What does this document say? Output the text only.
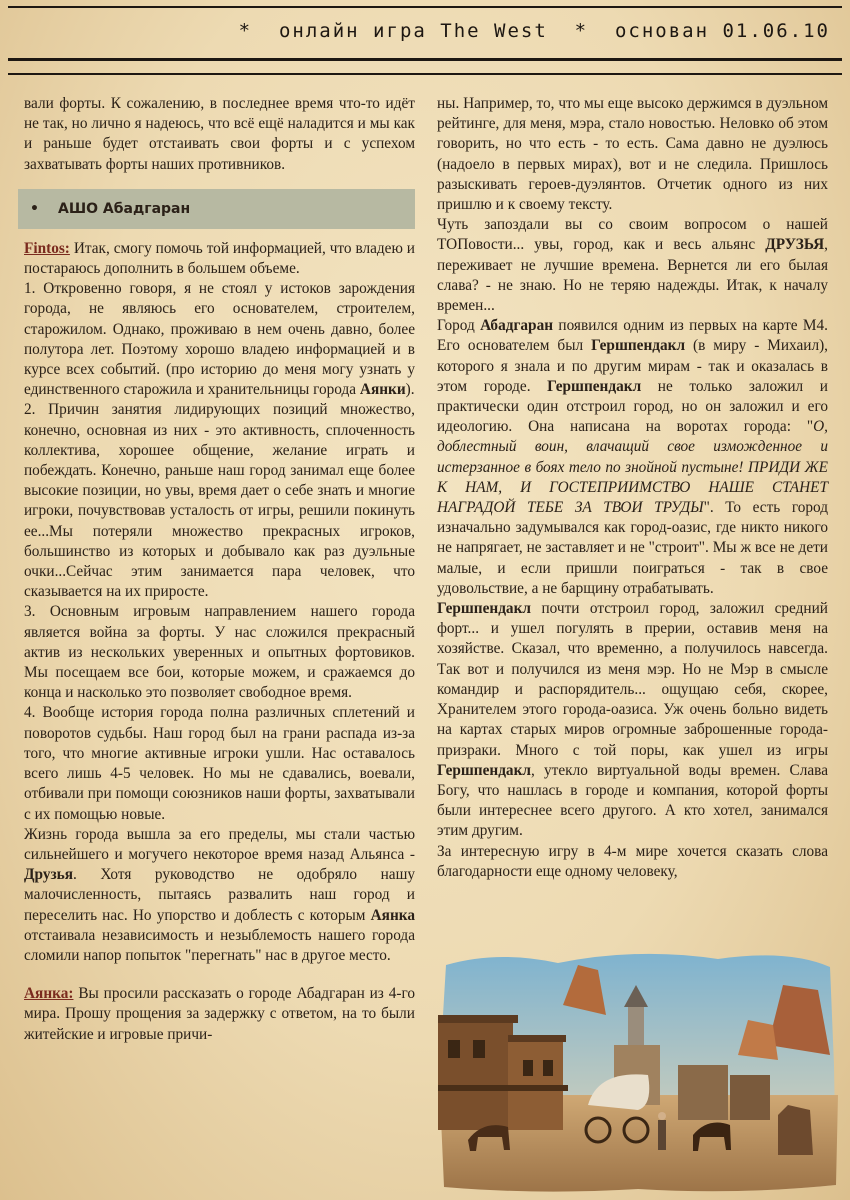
*  онлайн игра The West  *  основан 01.06.10

вали форты. К сожалению, в последнее время что-то идёт не так, но лично я надеюсь, что всё ещё наладится и мы как и раньше будет отстаивать свои форты и с успехом захватывать форты наших противников.

• АШО Абадгаран

Fintos: Итак, смогу помочь той информацией, что владею и постараюсь дополнить в большем объеме.

1. Откровенно говоря, я не стоял у истоков зарождения города, не являюсь его основателем, строителем, старожилом. Однако, проживаю в нем очень давно, более полутора лет. Поэтому хорошо владею информацией и в курсе всех событий. (про историю до меня могу узнать у единственного старожила и хранительницы города Аянки).

2. Причин занятия лидирующих позиций множество, конечно, основная из них - это активность, сплоченность коллектива, хорошее общение, желание играть и побеждать. Конечно, раньше наш город занимал еще более высокие позиции, но увы, время дает о себе знать и многие игроки, почувствовав усталость от игры, решили покинуть ее...Мы потеряли множество прекрасных игроков, большинство из которых и добывало как раз дуэльные очки...Сейчас этим занимается пара человек, что сказывается на их приросте.

3. Основным игровым направлением нашего города является война за форты. У нас сложился прекрасный актив из нескольких уверенных и опытных фортовиков. Мы посещаем все бои, которые можем, и сражаемся до конца и насколько это позволяет свободное время.

4. Вообще история города полна различных сплетений и поворотов судьбы. Наш город был на грани распада из-за того, что многие активные игроки ушли. Нас оставалось всего лишь 4-5 человек. Но мы не сдавались, воевали, отбивали при помощи союзников наши форты, захватывали с их помощью новые.

Жизнь города вышла за его пределы, мы стали частью сильнейшего и могучего некоторое время назад Альянса - Друзья. Хотя руководство не одобряло нашу малочисленность, пытаясь развалить наш город и переселить нас. Но упорство и доблесть с которым Аянка отстаивала независимость и незыблемость нашего города сломили напор попыток "перегнать" нас в другое место.

Аянка: Вы просили рассказать о городе Абадгаран из 4-го мира. Прошу прощения за задержку с ответом, на то были житейские и игровые причи-

ны. Например, то, что мы еще высоко держимся в дуэльном рейтинге, для меня, мэра, стало новостью. Неловко об этом говорить, но что есть - то есть. Сама давно не дуэлюсь (надоело в первых мирах), вот и не следила. Пришлось разыскивать героев-дуэлянтов. Отчетик одного из них пришлю и к своему тексту.

Чуть запоздали вы со своим вопросом о нашей ТОПовости... увы, город, как и весь альянс ДРУЗЬЯ, переживает не лучшие времена. Вернется ли его былая слава? - не знаю. Но не теряю надежды. Итак, к началу времен...

Город Абадгаран появился одним из первых на карте М4. Его основателем был Гершпендакл (в миру - Михаил), которого я знала и по другим мирам - так и оказалась в этом городе. Гершпендакл не только заложил и практически один отстроил город, но он заложил и его идеологию. Она написана на воротах города: "О, доблестный воин, влачащий свое изможденное и истерзанное в боях тело по знойной пустыне! ПРИДИ ЖЕ К НАМ, И ГОСТЕПРИИМСТВО НАШЕ СТАНЕТ НАГРАДОЙ ТЕБЕ ЗА ТВОИ ТРУДЫ". То есть город изначально задумывался как город-оазис, где никто никого не напрягает, не заставляет и не "строит". Мы ж все не дети малые, и если пришли поиграться - так в свое удовольствие, а не барщину отрабатывать.

Гершпендакл почти отстроил город, заложил средний форт... и ушел погулять в прерии, оставив меня на хозяйстве. Сказал, что временно, а получилось навсегда. Так вот и получился из меня мэр. Но не Мэр в смысле командир и распорядитель... ощущаю себя, скорее, Хранителем этого города-оазиса. Уж очень больно видеть на картах старых миров огромные заброшенные города-призраки. Много с той поры, как ушел из игры Гершпендакл, утекло виртуальной воды времен. Слава Богу, что нашлась в городе и компания, которой форты были интереснее всего другого. А кто хотел, занимался этим другим.

За интересную игру в 4-м мире хочется сказать слова благодарности еще одному человеку,
